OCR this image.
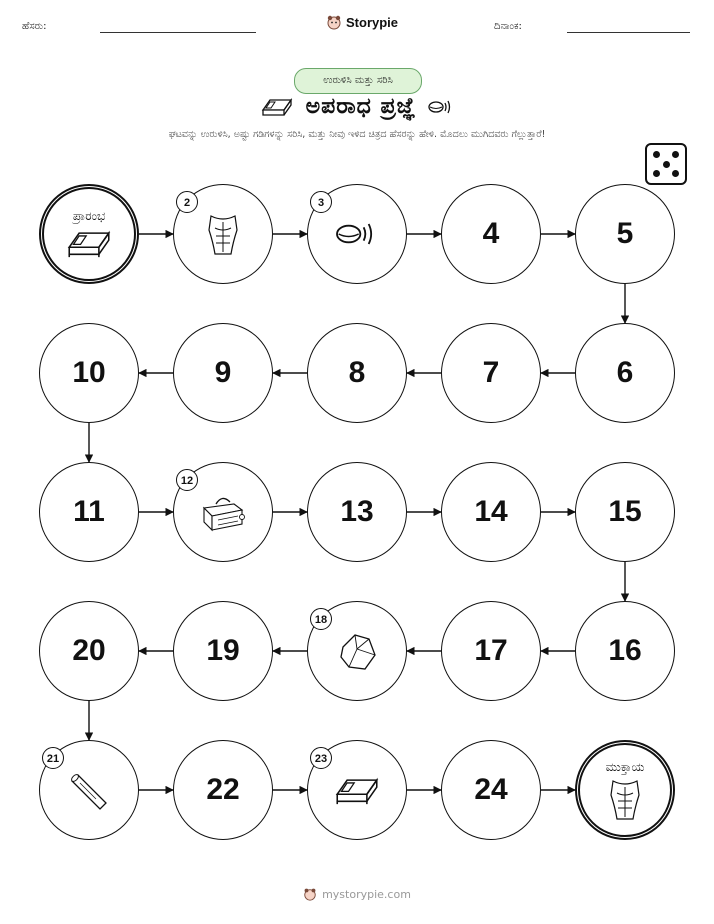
ಹೆಸರು:	Storypie	ದಿನಾಂಕ:
ಉರುಳಿಸಿ ಮತ್ತು ಸರಿಸಿ
ಅಪರಾಧ ಪ್ರಜ್ಞೆ
ಘಟವನ್ನು ಉರುಳಿಸಿ, ಅಷ್ಟು ಗಡಿಗಳನ್ನು ಸರಿಸಿ, ಮತ್ತು ನೀವು ಇಳಿದ ಚಿತ್ರದ ಹೆಸರನ್ನು ಹೇಳಿ. ಮೊದಲು ಮುಗಿದವರು ಗೆಲ್ಲುತ್ತಾರೆ!
ಪ್ರಾರಂಭ
2	3
4	5
6
7
8
9
10
11
12
13	14	15
16
17
18
19
20
21
22
23
24
ಮುಕ್ತಾಯ
mystorypie.com
